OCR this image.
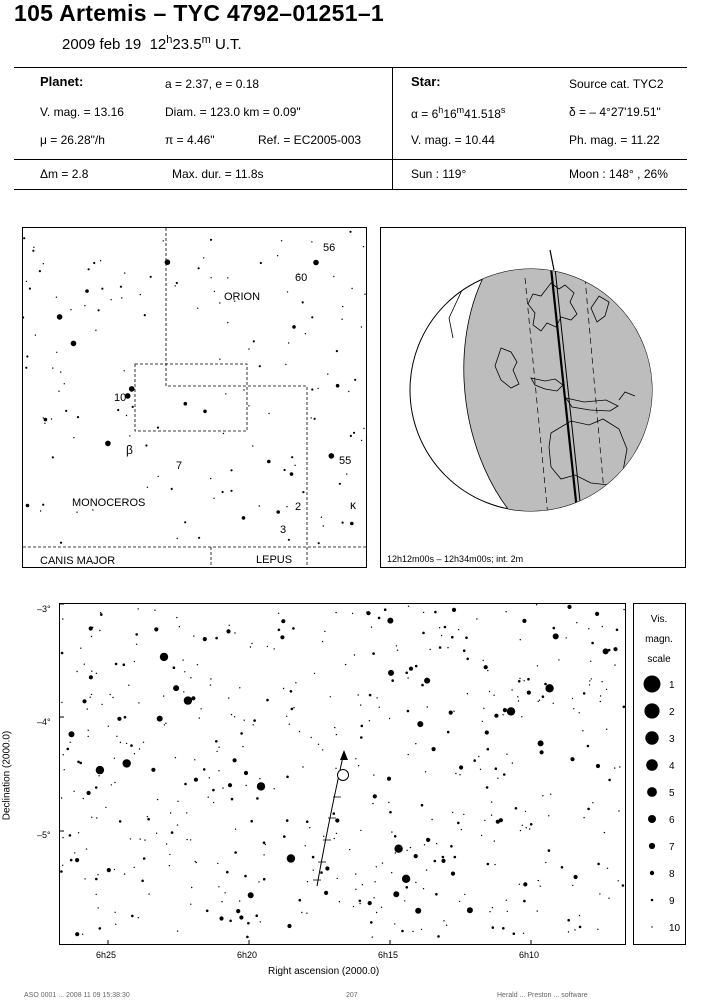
105 Artemis – TYC 4792–01251–1
2009 feb 19 12$^h$23.5$^m$ U.T.
Planet:	a = 2.37, e = 0.18
V. mag. = 13.16	Diam. = 123.0 km = 0.09"
μ = 26.28"/h	π = 4.46"	Ref. = EC2005-003
Δm = 2.8	Max. dur. = 11.8s
Star:	Source cat. TYC2
$\alpha = 6^h16^m41.518^s$	δ = – 4°27'19.51"
V. mag. = 10.44	Ph. mag. = 11.22
Sun : 119°	Moon : 148° , 26%
ORION
MONOCEROS
CANIS MAJOR	LEPUS
56
60
10
β
7	55
2	κ
3
12h12m00s – 12h34m00s; int. 2m
Declination (2000.0)
–3°
–4°
–5°
6h25	6h20	6h15	6h10
Right ascension (2000.0)
Vis.
magn.
scale
1
2
3
4
5
6
7
8
9
10
ASO 0001 ... 2008 11 09 15:38:30	207	Herald ... Preston ... software
